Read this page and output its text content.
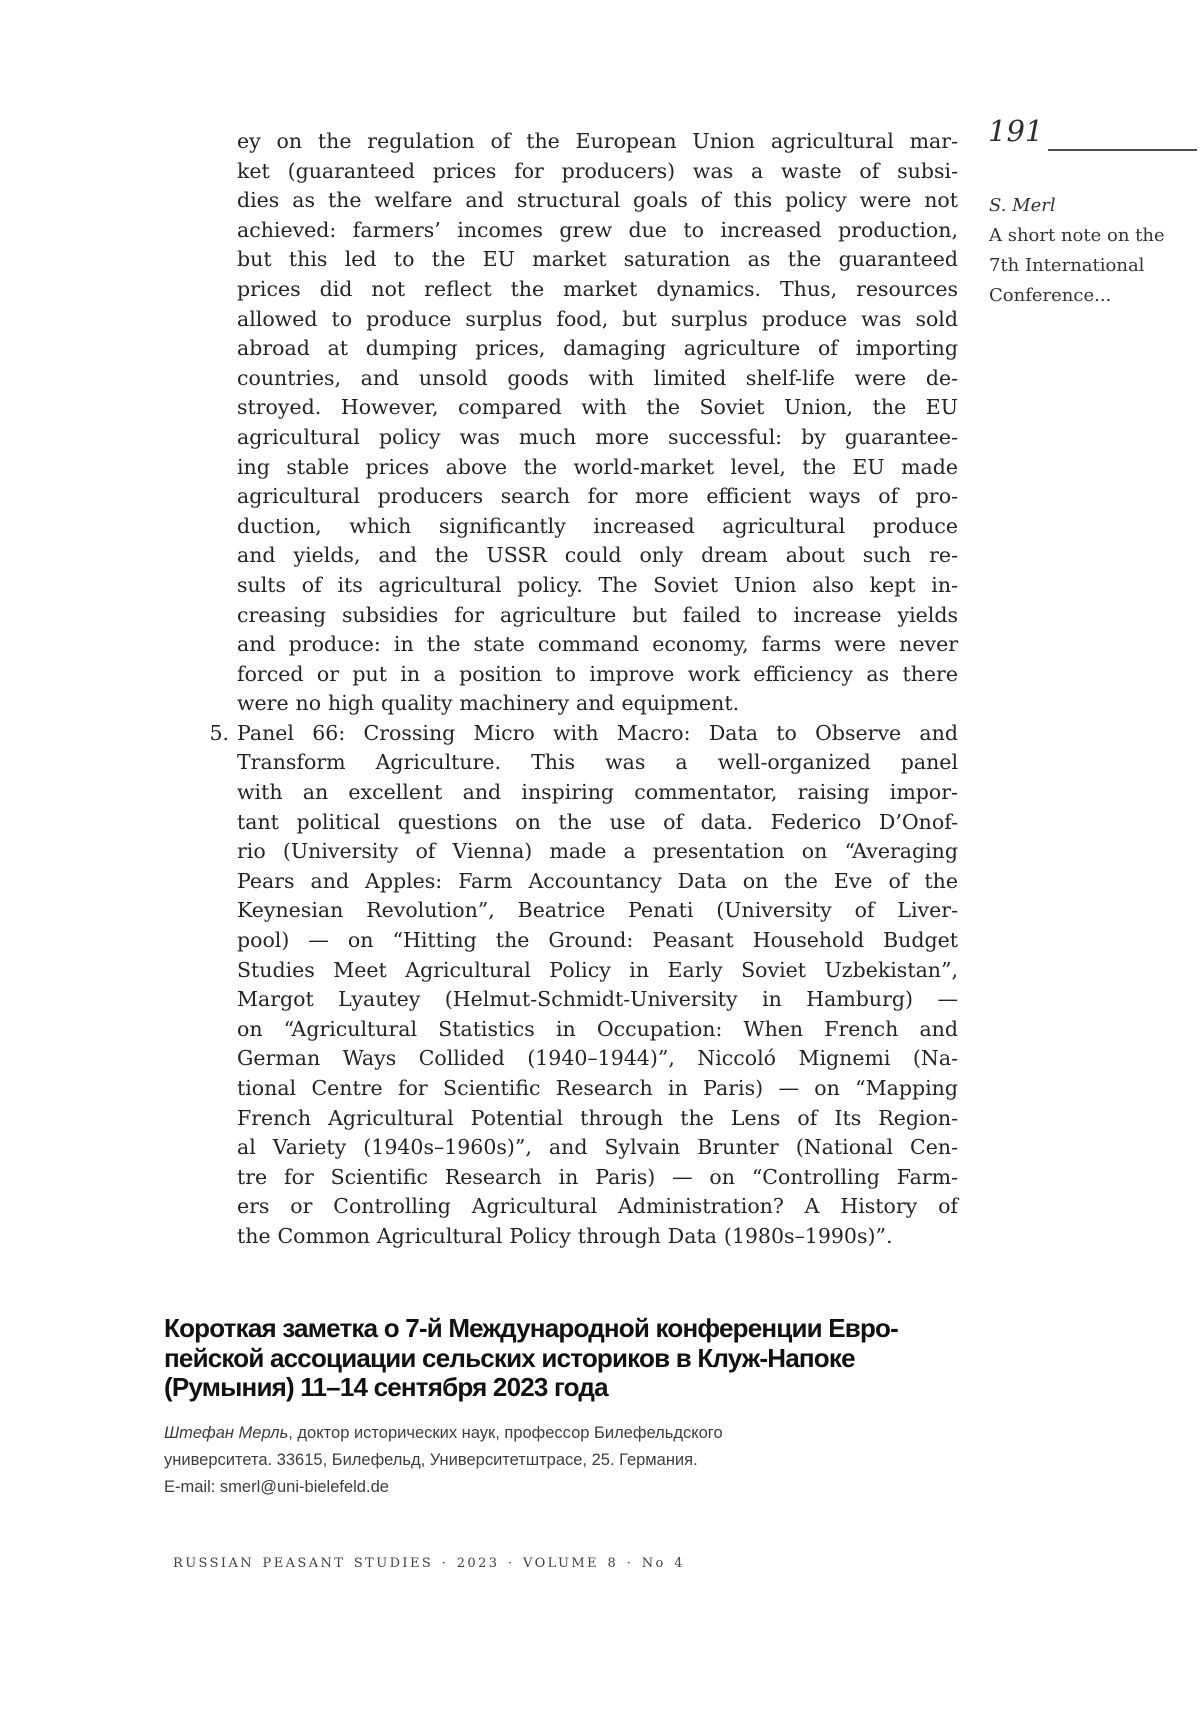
191
S. Merl
A short note on the
7th International
Conference...
ey on the regulation of the European Union agricultural mar-
ket (guaranteed prices for producers) was a waste of subsi-
dies as the welfare and structural goals of this policy were not
achieved: farmers’ incomes grew due to increased production,
but this led to the EU market saturation as the guaranteed
prices did not reflect the market dynamics. Thus, resources
allowed to produce surplus food, but surplus produce was sold
abroad at dumping prices, damaging agriculture of importing
countries, and unsold goods with limited shelf-life were de-
stroyed. However, compared with the Soviet Union, the EU
agricultural policy was much more successful: by guarantee-
ing stable prices above the world-market level, the EU made
agricultural producers search for more efficient ways of pro-
duction, which significantly increased agricultural produce
and yields, and the USSR could only dream about such re-
sults of its agricultural policy. The Soviet Union also kept in-
creasing subsidies for agriculture but failed to increase yields
and produce: in the state command economy, farms were never
forced or put in a position to improve work efficiency as there
were no high quality machinery and equipment.
5. Panel 66: Crossing Micro with Macro: Data to Observe and
Transform Agriculture. This was a well-organized panel
with an excellent and inspiring commentator, raising impor-
tant political questions on the use of data. Federico D’Onof-
rio (University of Vienna) made a presentation on “Averaging
Pears and Apples: Farm Accountancy Data on the Eve of the
Keynesian Revolution”, Beatrice Penati (University of Liver-
pool) — on “Hitting the Ground: Peasant Household Budget
Studies Meet Agricultural Policy in Early Soviet Uzbekistan”,
Margot Lyautey (Helmut-Schmidt-University in Hamburg) —
on “Agricultural Statistics in Occupation: When French and
German Ways Collided (1940–1944)”, Niccoló Mignemi (Na-
tional Centre for Scientific Research in Paris) — on “Mapping
French Agricultural Potential through the Lens of Its Region-
al Variety (1940s–1960s)”, and Sylvain Brunter (National Cen-
tre for Scientific Research in Paris) — on “Controlling Farm-
ers or Controlling Agricultural Administration? A History of
the Common Agricultural Policy through Data (1980s–1990s)”.
Короткая заметка о 7-й Международной конференции Евро-
пейской ассоциации сельских историков в Клуж-Напоке
(Румыния) 11–14 сентября 2023 года
Штефан Мерль, доктор исторических наук, профессор Билефельдского
университета. 33615, Билефельд, Университетштрасе, 25. Германия.
E-mail: smerl@uni-bielefeld.de
RUSSIAN PEASANT STUDIES · 2023 · VOLUME 8 · No 4
